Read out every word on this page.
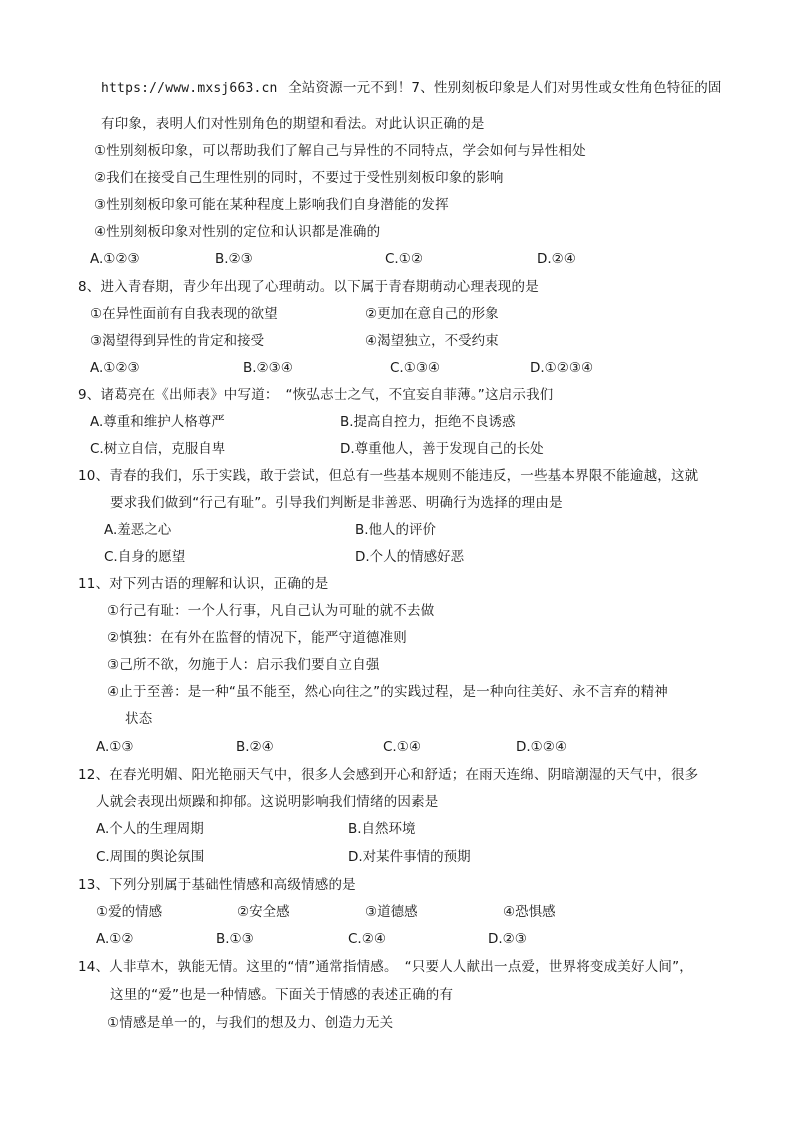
https://www.mxsj663.cn 全站资源一元不到！7、性别刻板印象是人们对男性或女性角色特征的固
有印象，表明人们对性别角色的期望和看法。对此认识正确的是
①性别刻板印象，可以帮助我们了解自己与异性的不同特点，学会如何与异性相处
②我们在接受自己生理性别的同时，不要过于受性别刻板印象的影响
③性别刻板印象可能在某种程度上影响我们自身潜能的发挥
④性别刻板印象对性别的定位和认识都是准确的
A.①②③	B.②③	C.①②	D.②④
8、进入青春期，青少年出现了心理萌动。以下属于青春期萌动心理表现的是
①在异性面前有自我表现的欲望	②更加在意自己的形象
③渴望得到异性的肯定和接受	④渴望独立，不受约束
A.①②③	B.②③④	C.①③④	D.①②③④
9、诸葛亮在《出师表》中写道：　“恢弘志士之气，不宜妄自菲薄。”这启示我们
A.尊重和维护人格尊严	B.提高自控力，拒绝不良诱惑
C.树立自信，克服自卑	D.尊重他人，善于发现自己的长处
10、青春的我们，乐于实践，敢于尝试，但总有一些基本规则不能违反，一些基本界限不能逾越，这就
要求我们做到“行己有耻”。引导我们判断是非善恶、明确行为选择的理由是
A.羞恶之心	B.他人的评价
C.自身的愿望	D.个人的情感好恶
11、对下列古语的理解和认识，正确的是
①行己有耻：一个人行事，凡自己认为可耻的就不去做
②慎独：在有外在监督的情况下，能严守道德准则
③己所不欲，勿施于人：启示我们要自立自强
④止于至善：是一种“虽不能至，然心向往之”的实践过程，是一种向往美好、永不言弃的精神
状态
A.①③	B.②④	C.①④	D.①②④
12、在春光明媚、阳光艳丽天气中，很多人会感到开心和舒适；在雨天连绵、阴暗潮湿的天气中，很多
人就会表现出烦躁和抑郁。这说明影响我们情绪的因素是
A.个人的生理周期	B.自然环境
C.周围的舆论氛围	D.对某件事情的预期
13、下列分别属于基础性情感和高级情感的是
①爱的情感	②安全感	③道德感	④恐惧感
A.①②	B.①③	C.②④	D.②③
14、人非草木，孰能无情。这里的“情”通常指情感。　“只要人人献出一点爱，世界将变成美好人间”，
这里的“爱”也是一种情感。下面关于情感的表述正确的有
①情感是单一的，与我们的想及力、创造力无关
